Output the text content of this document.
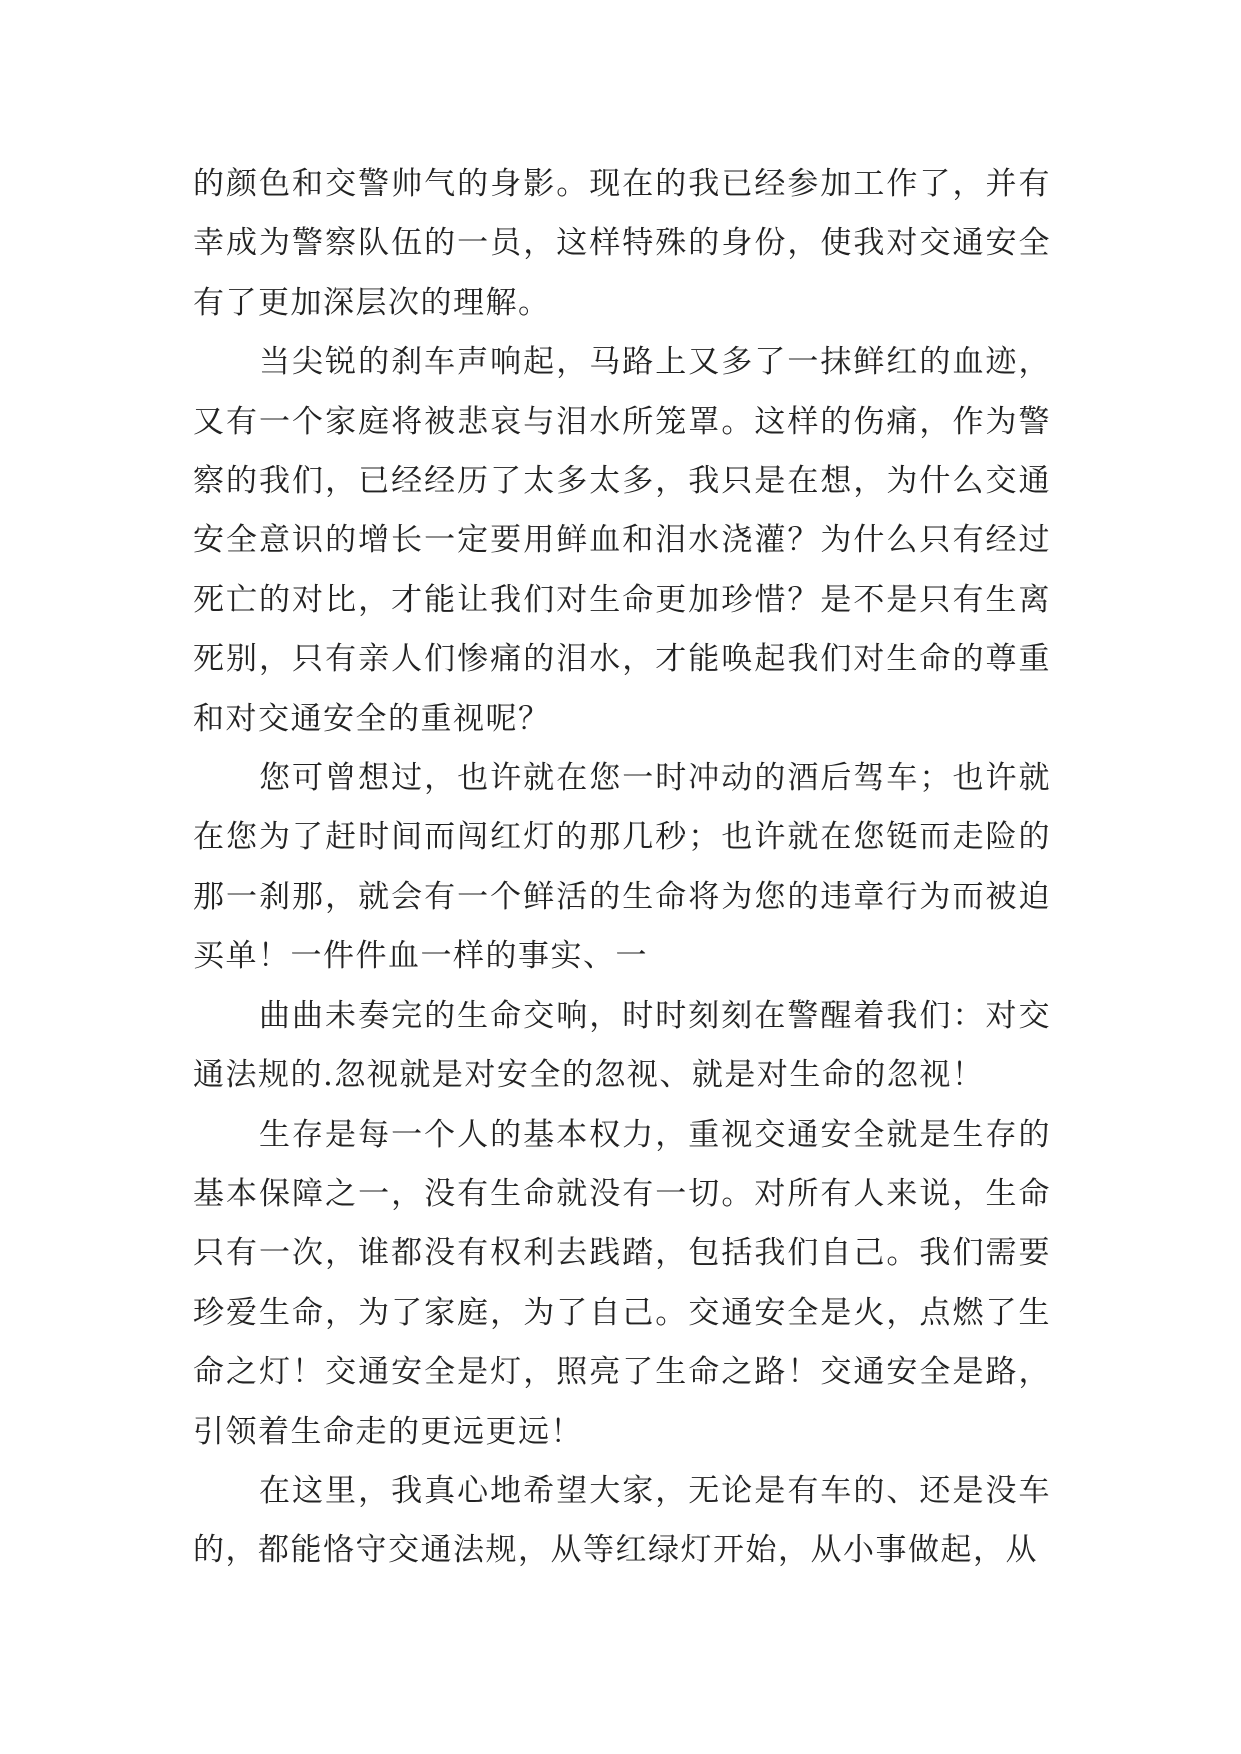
的颜色和交警帅气的身影。现在的我已经参加工作了，并有幸成为警察队伍的一员，这样特殊的身份，使我对交通安全有了更加深层次的理解。

当尖锐的刹车声响起，马路上又多了一抹鲜红的血迹，又有一个家庭将被悲哀与泪水所笼罩。这样的伤痛，作为警察的我们，已经经历了太多太多，我只是在想，为什么交通安全意识的增长一定要用鲜血和泪水浇灌？为什么只有经过死亡的对比，才能让我们对生命更加珍惜？是不是只有生离死别，只有亲人们惨痛的泪水，才能唤起我们对生命的尊重和对交通安全的重视呢？

您可曾想过，也许就在您一时冲动的酒后驾车；也许就在您为了赶时间而闯红灯的那几秒；也许就在您铤而走险的那一刹那，就会有一个鲜活的生命将为您的违章行为而被迫买单！一件件血一样的事实、一

曲曲未奏完的生命交响，时时刻刻在警醒着我们：对交通法规的.忽视就是对安全的忽视、就是对生命的忽视！

生存是每一个人的基本权力，重视交通安全就是生存的基本保障之一，没有生命就没有一切。对所有人来说，生命只有一次，谁都没有权利去践踏，包括我们自己。我们需要珍爱生命，为了家庭，为了自己。交通安全是火，点燃了生命之灯！交通安全是灯，照亮了生命之路！交通安全是路，引领着生命走的更远更远！

在这里，我真心地希望大家，无论是有车的、还是没车的，都能恪守交通法规，从等红绿灯开始，从小事做起，从
